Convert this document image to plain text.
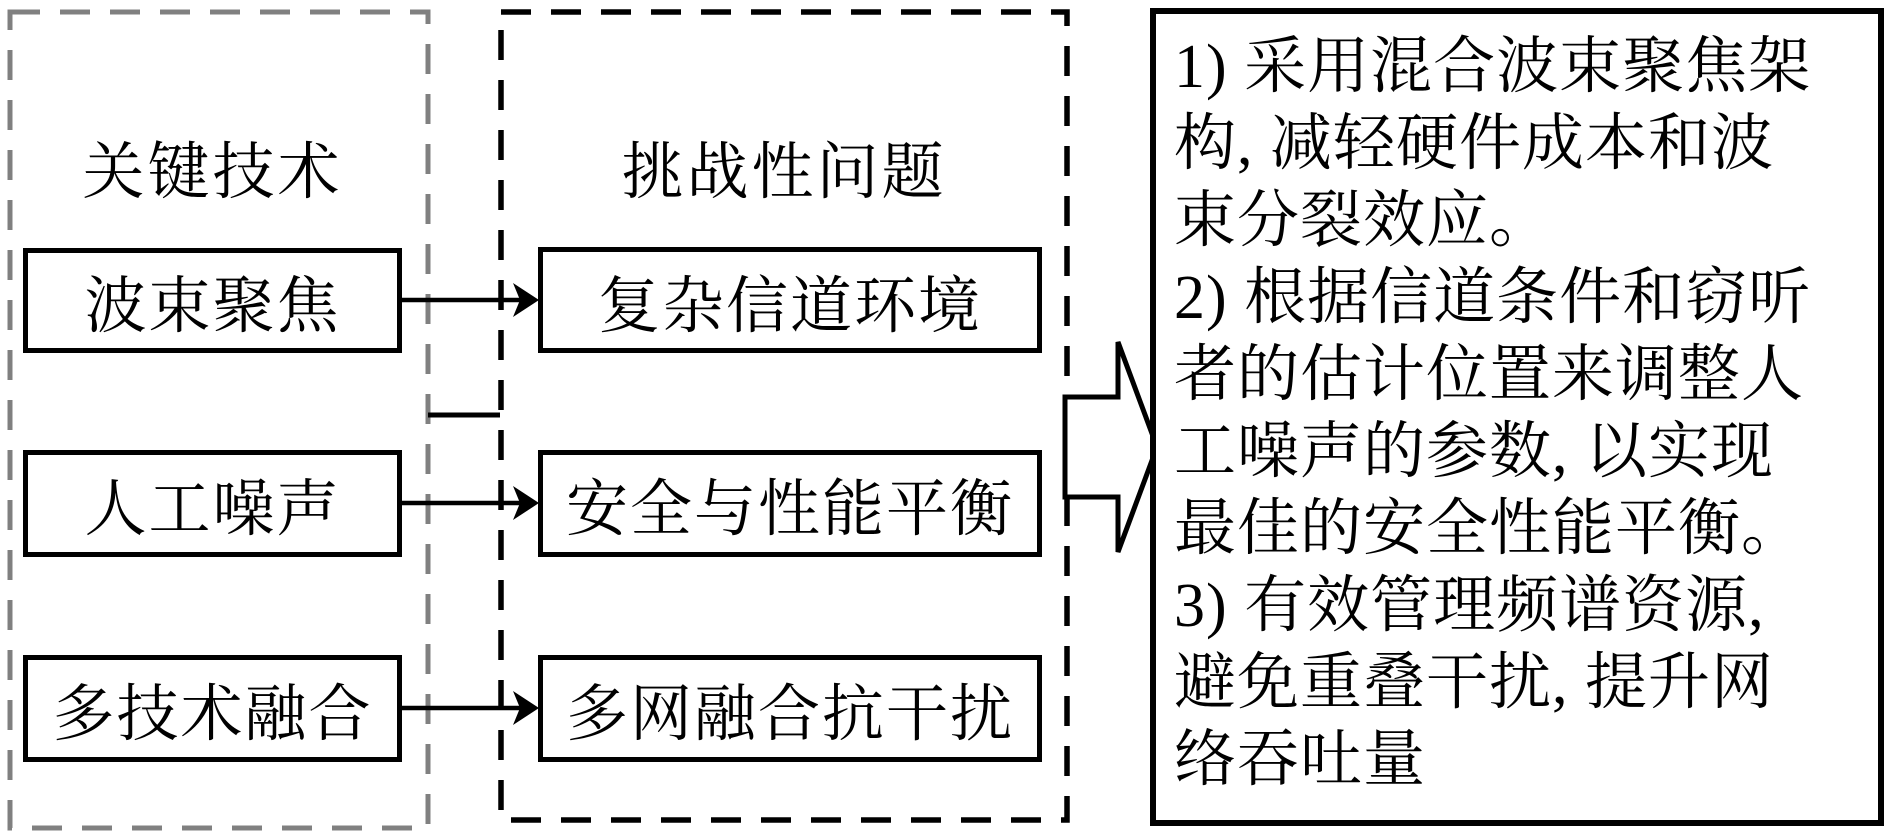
关键技术
波束聚焦
人工噪声
多技术融合
挑战性问题
复杂信道环境
安全与性能平衡
多网融合抗干扰
1) 采用混合波束聚焦架
构, 减轻硬件成本和波
束分裂效应。
2) 根据信道条件和窃听
者的估计位置来调整人
工噪声的参数, 以实现
最佳的安全性能平衡。
3) 有效管理频谱资源,
避免重叠干扰, 提升网
络吞吐量
